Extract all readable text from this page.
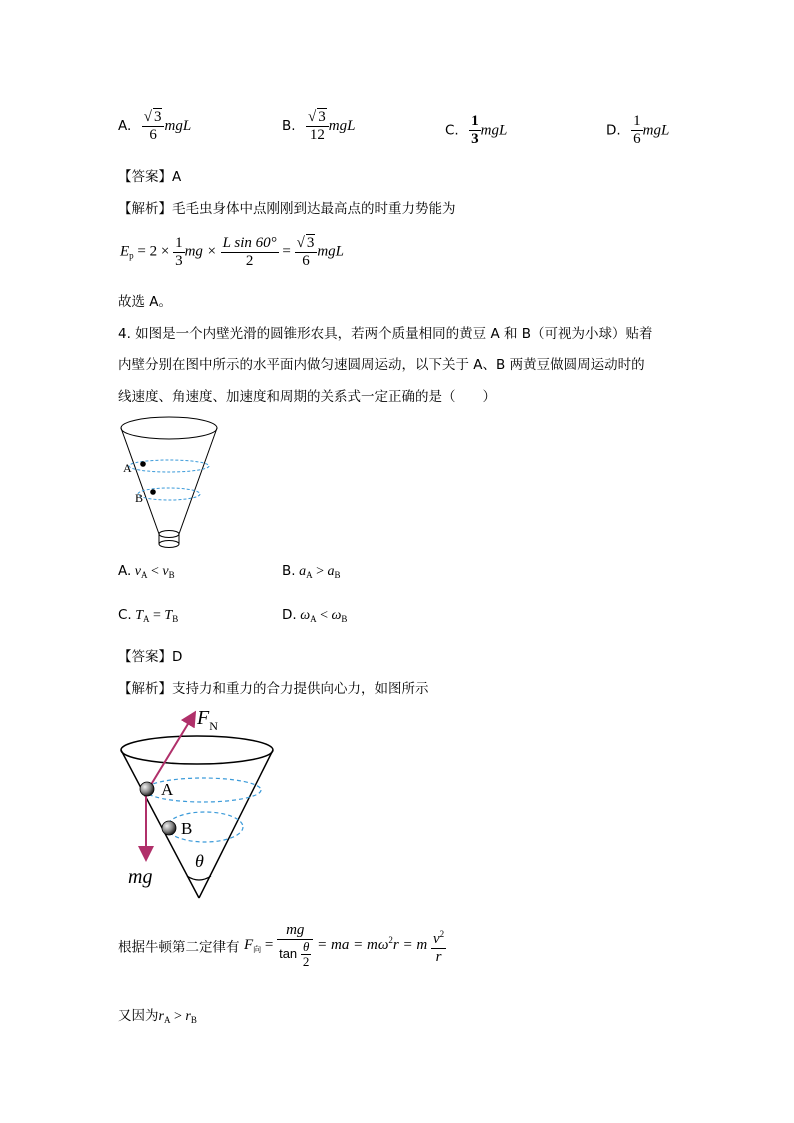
A. $\frac{√ 3}{6}$ mgL	B. $\frac{√ 3}{12}$ mgL	C. $\frac{1}{3}$ mgL	D. $\frac{1}{6}$ mgL
【答案】A
【解析】毛毛虫身体中点刚刚到达最高点的时重力势能为
$E_p = 2 \times \frac{1}{3}$ mg × $\frac{\text{L sin 60°}}{2} = \frac{√ 3}{6}$ mgL
故选 A。
4. 如图是一个内壁光滑的圆锥形农具，若两个质量相同的黄豆 A 和 B（可视为小球）贴着
内壁分别在图中所示的水平面内做匀速圆周运动，以下关于 A、B 两黄豆做圆周运动时的
线速度、角速度、加速度和周期的关系式一定正确的是（　　）
A
B
A. $v_A < v_B$	B. $a_A > a_B$
C. $T_A = T_B$	D. $\omega_A < \omega_B$
【答案】D
【解析】支持力和重力的合力提供向心力，如图所示
$F_N$
A
B
θ
mg
根据牛顿第二定律有 $F_向 = \frac{mg}{\tan \frac{\theta}{2}}$ = ma = $m\omega^2r = m \frac{v^2}{r}$
又因为$r_A > r_B$
